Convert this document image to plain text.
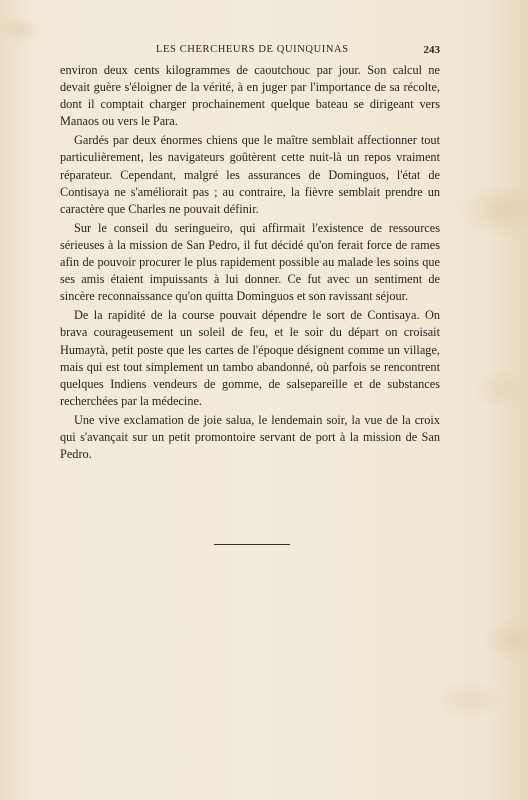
LES CHERCHEURS DE QUINQUINAS	243

environ deux cents kilogrammes de caoutchouc par jour. Son calcul ne devait guère s'éloigner de la vérité, à en juger par l'importance de sa récolte, dont il comptait charger prochainement quelque bateau se dirigeant vers Manaos ou vers le Para.

Gardés par deux énormes chiens que le maître semblait affectionner tout particulièrement, les navigateurs goûtèrent cette nuit-là un repos vraiment réparateur. Cependant, malgré les assurances de Dominguos, l'état de Contisaya ne s'améliorait pas ; au contraire, la fièvre semblait prendre un caractère que Charles ne pouvait définir.

Sur le conseil du seringueiro, qui affirmait l'existence de ressources sérieuses à la mission de San Pedro, il fut décidé qu'on ferait force de rames afin de pouvoir procurer le plus rapidement possible au malade les soins que ses amis étaient impuissants à lui donner. Ce fut avec un sentiment de sincère reconnaissance qu'on quitta Dominguos et son ravissant séjour.

De la rapidité de la course pouvait dépendre le sort de Contisaya. On brava courageusement un soleil de feu, et le soir du départ on croisait Humaytà, petit poste que les cartes de l'époque désignent comme un village, mais qui est tout simplement un tambo abandonné, où parfois se rencontrent quelques Indiens vendeurs de gomme, de salsepareille et de substances recherchées par la médecine.

Une vive exclamation de joie salua, le lendemain soir, la vue de la croix qui s'avançait sur un petit promontoire servant de port à la mission de San Pedro.
